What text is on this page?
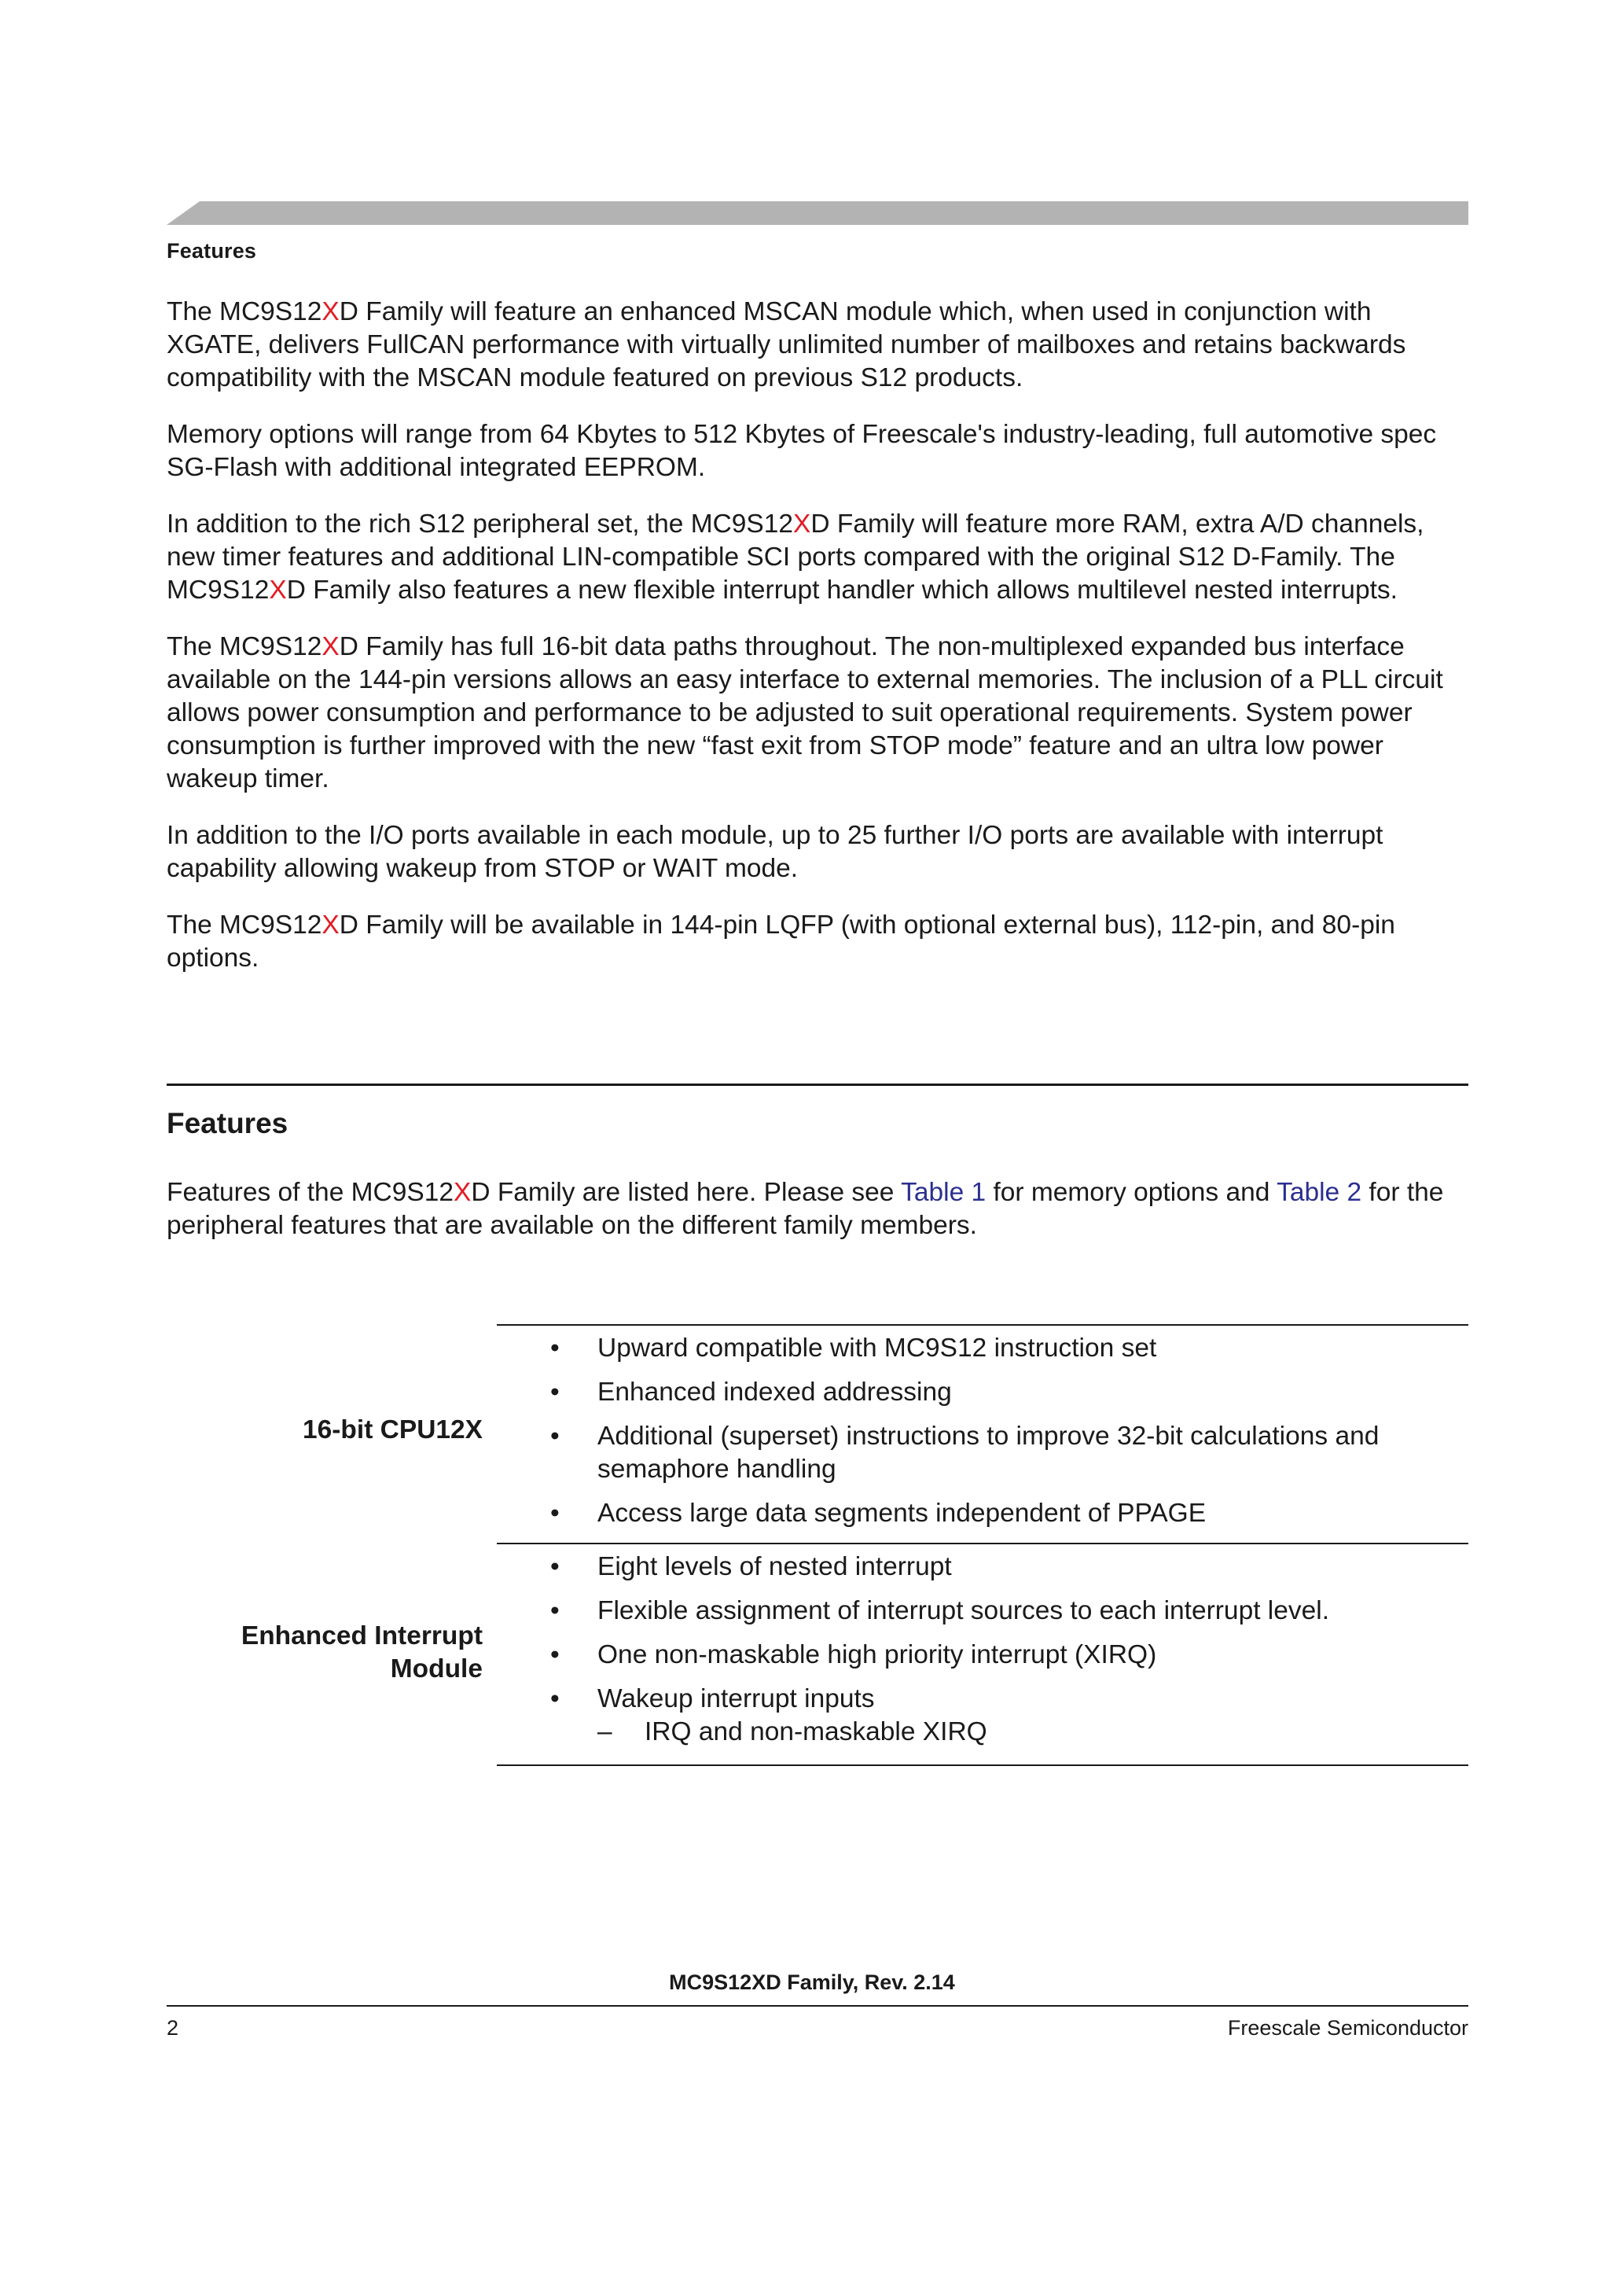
Features

The MC9S12XD Family will feature an enhanced MSCAN module which, when used in conjunction with XGATE, delivers FullCAN performance with virtually unlimited number of mailboxes and retains backwards compatibility with the MSCAN module featured on previous S12 products.

Memory options will range from 64 Kbytes to 512 Kbytes of Freescale's industry-leading, full automotive spec SG-Flash with additional integrated EEPROM.

In addition to the rich S12 peripheral set, the MC9S12XD Family will feature more RAM, extra A/D channels, new timer features and additional LIN-compatible SCI ports compared with the original S12 D-Family. The MC9S12XD Family also features a new flexible interrupt handler which allows multilevel nested interrupts.

The MC9S12XD Family has full 16-bit data paths throughout. The non-multiplexed expanded bus interface available on the 144-pin versions allows an easy interface to external memories. The inclusion of a PLL circuit allows power consumption and performance to be adjusted to suit operational requirements. System power consumption is further improved with the new “fast exit from STOP mode” feature and an ultra low power wakeup timer.

In addition to the I/O ports available in each module, up to 25 further I/O ports are available with interrupt capability allowing wakeup from STOP or WAIT mode.

The MC9S12XD Family will be available in 144-pin LQFP (with optional external bus), 112-pin, and 80-pin options.

Features
Features of the MC9S12XD Family are listed here. Please see Table 1 for memory options and Table 2 for the peripheral features that are available on the different family members.
16-bit CPU12X
• Upward compatible with MC9S12 instruction set
• Enhanced indexed addressing
• Additional (superset) instructions to improve 32-bit calculations and semaphore handling
• Access large data segments independent of PPAGE
Enhanced Interrupt
Module
• Eight levels of nested interrupt
• Flexible assignment of interrupt sources to each interrupt level.
• One non-maskable high priority interrupt (XIRQ)
• Wakeup interrupt inputs
– IRQ and non-maskable XIRQ
MC9S12XD Family, Rev. 2.14
2	Freescale Semiconductor
